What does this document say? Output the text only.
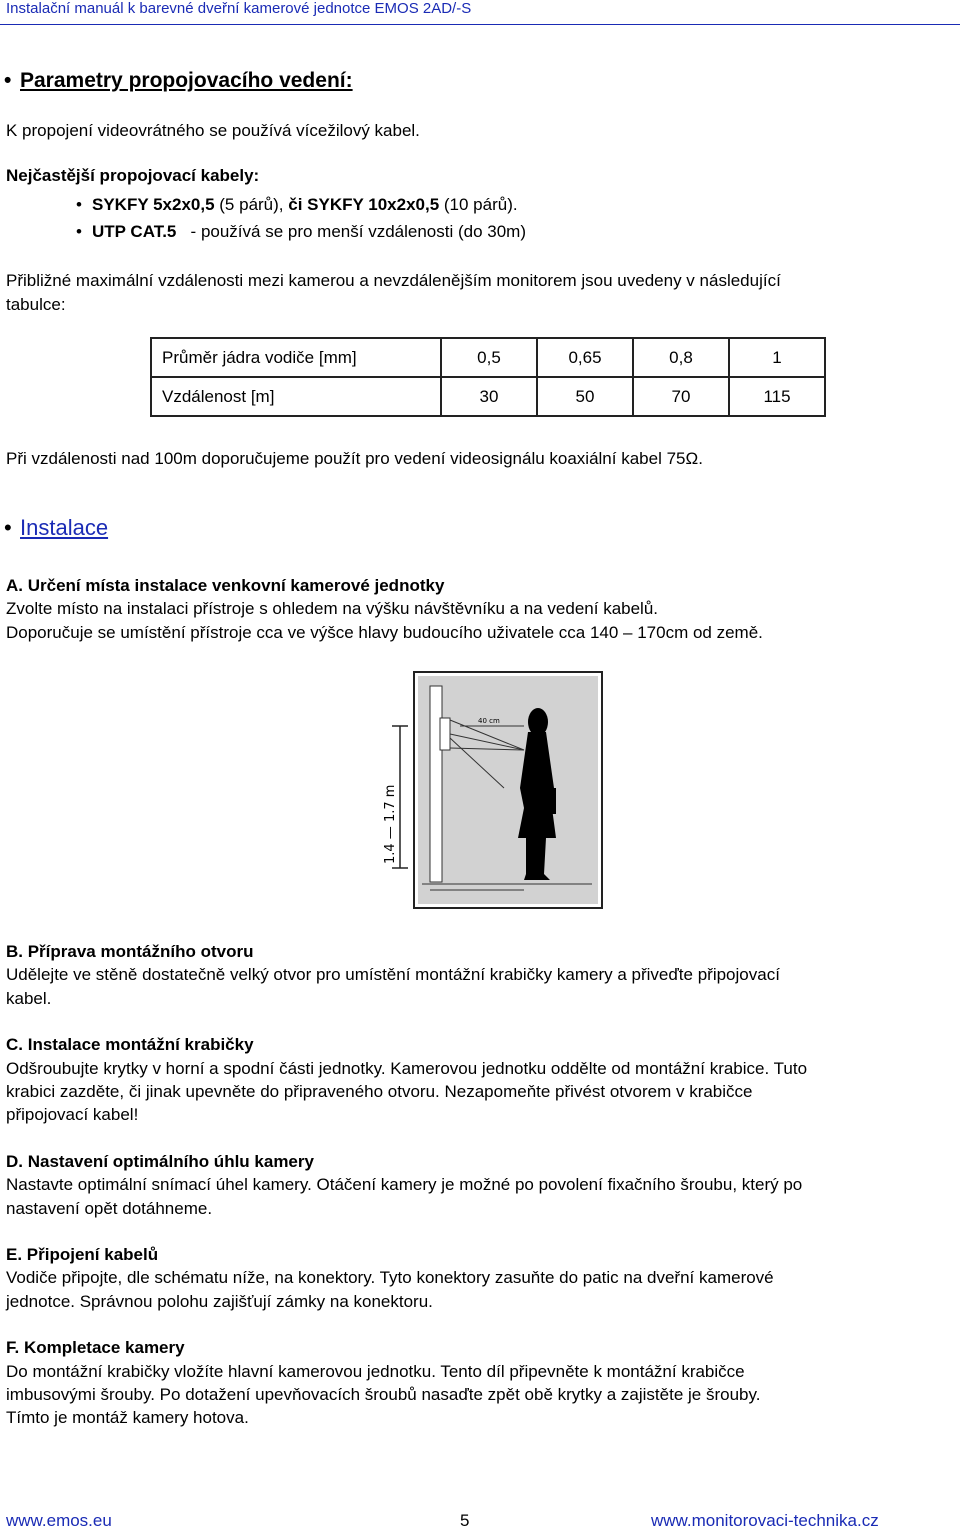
Instalační manuál k barevné dveřní kamerové jednotce EMOS 2AD/-S
• Parametry propojovacího vedení:
K propojení videovrátného se používá vícežilový kabel.
Nejčastější propojovací kabely:
• SYKFY 5x2x0,5 (5 párů), či SYKFY 10x2x0,5 (10 párů).
• UTP CAT.5   - používá se pro menší vzdálenosti (do 30m)
Přibližné maximální vzdálenosti mezi kamerou a nevzdálenějším monitorem jsou uvedeny v následující
tabulce:
Průměr jádra vodiče [mm]	0,5	0,65	0,8	1
Vzdálenost [m]	30	50	70	115
Při vzdálenosti nad 100m doporučujeme použít pro vedení videosignálu koaxiální kabel 75Ω.
• Instalace
A. Určení místa instalace venkovní kamerové jednotky
Zvolte místo na instalaci přístroje s ohledem na výšku návštěvníku a na vedení kabelů.
Doporučuje se umístění přístroje cca ve výšce hlavy budoucího uživatele cca 140 – 170cm od země.
40 cm
1.4 — 1.7 m
B. Příprava montážního otvoru
Udělejte ve stěně dostatečně velký otvor pro umístění montážní krabičky kamery a přiveďte připojovací
kabel.
C. Instalace montážní krabičky
Odšroubujte krytky v horní a spodní části jednotky. Kamerovou jednotku oddělte od montážní krabice. Tuto
krabici zazděte, či jinak upevněte do připraveného otvoru. Nezapomeňte přivést otvorem v krabičce
připojovací kabel!
D. Nastavení optimálního úhlu kamery
Nastavte optimální snímací úhel kamery. Otáčení kamery je možné po povolení fixačního šroubu, který po
nastavení opět dotáhneme.
E. Připojení kabelů
Vodiče připojte, dle schématu níže, na konektory. Tyto konektory zasuňte do patic na dveřní kamerové
jednotce. Správnou polohu zajišťují zámky na konektoru.
F. Kompletace kamery
Do montážní krabičky vložíte hlavní kamerovou jednotku. Tento díl připevněte k montážní krabičce
imbusovými šrouby. Po dotažení upevňovacích šroubů nasaďte zpět obě krytky a zajistěte je šrouby.
Tímto je montáž kamery hotova.
www.emos.eu	5	www.monitorovaci-technika.cz
